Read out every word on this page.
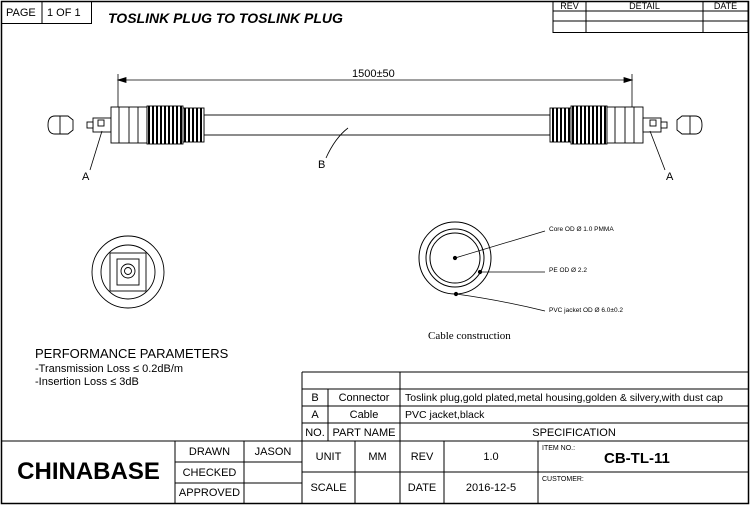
PAGE 1 OF 1 TOSLINK PLUG TO TOSLINK PLUG
REV	DETAIL	DATE
1500±50
A	A
B
Core OD Ø 1.0 PMMA
PE OD Ø 2.2
PVC jacket OD Ø 6.0±0.2
Cable construction
PERFORMANCE PARAMETERS
-Transmission Loss ≤ 0.2dB/m
-Insertion Loss ≤ 3dB
B	Connector	Toslink plug,gold plated,metal housing,golden & silvery,with dust cap
A	Cable	PVC jacket,black
NO. PART NAME	SPECIFICATION
CHINABASE
DRAWN	JASON
CHECKED
APPROVED
UNIT	MM
SCALE
REV	1.0
DATE	2016-12-5
ITEM NO.:
CB-TL-11
CUSTOMER:
